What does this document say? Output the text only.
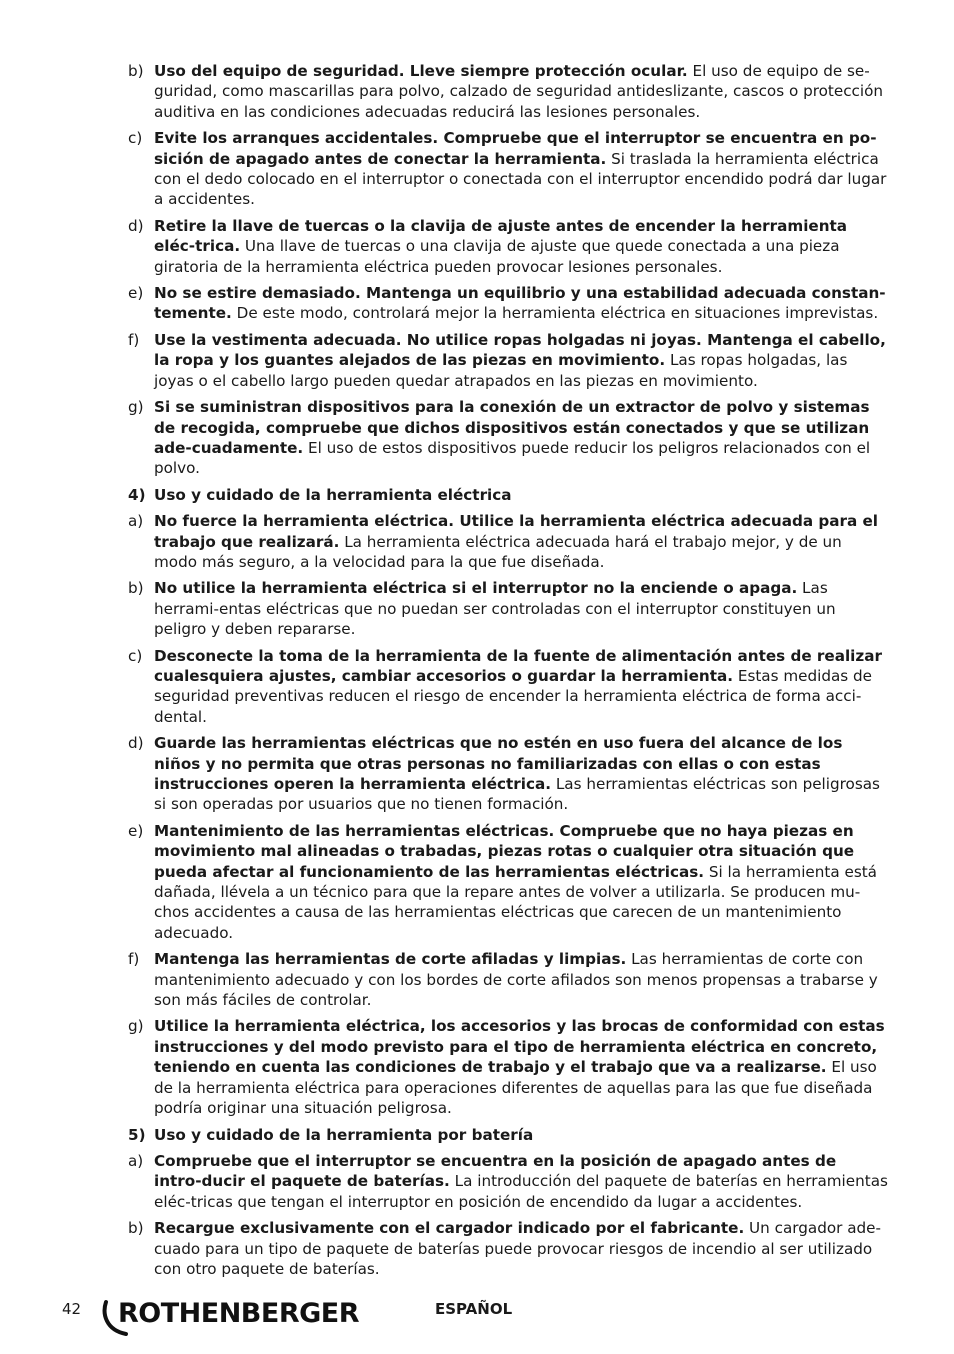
b) Uso del equipo de seguridad. Lleve siempre protección ocular. El uso de equipo de se-guridad, como mascarillas para polvo, calzado de seguridad antideslizante, cascos o protección auditiva en las condiciones adecuadas reducirá las lesiones personales.
c) Evite los arranques accidentales. Compruebe que el interruptor se encuentra en po-sición de apagado antes de conectar la herramienta. Si traslada la herramienta eléctrica con el dedo colocado en el interruptor o conectada con el interruptor encendido podrá dar lugar a accidentes.
d) Retire la llave de tuercas o la clavija de ajuste antes de encender la herramienta eléc-trica. Una llave de tuercas o una clavija de ajuste que quede conectada a una pieza giratoria de la herramienta eléctrica pueden provocar lesiones personales.
e) No se estire demasiado. Mantenga un equilibrio y una estabilidad adecuada constan-temente. De este modo, controlará mejor la herramienta eléctrica en situaciones imprevistas.
f) Use la vestimenta adecuada. No utilice ropas holgadas ni joyas. Mantenga el cabello, la ropa y los guantes alejados de las piezas en movimiento. Las ropas holgadas, las joyas o el cabello largo pueden quedar atrapados en las piezas en movimiento.
g) Si se suministran dispositivos para la conexión de un extractor de polvo y sistemas de recogida, compruebe que dichos dispositivos están conectados y que se utilizan ade-cuadamente. El uso de estos dispositivos puede reducir los peligros relacionados con el polvo.
4) Uso y cuidado de la herramienta eléctrica
a) No fuerce la herramienta eléctrica. Utilice la herramienta eléctrica adecuada para el trabajo que realizará. La herramienta eléctrica adecuada hará el trabajo mejor, y de un modo más seguro, a la velocidad para la que fue diseñada.
b) No utilice la herramienta eléctrica si el interruptor no la enciende o apaga. Las herrami-entas eléctricas que no puedan ser controladas con el interruptor constituyen un peligro y deben repararse.
c) Desconecte la toma de la herramienta de la fuente de alimentación antes de realizar cualesquiera ajustes, cambiar accesorios o guardar la herramienta. Estas medidas de seguridad preventivas reducen el riesgo de encender la herramienta eléctrica de forma acci-dental.
d) Guarde las herramientas eléctricas que no estén en uso fuera del alcance de los niños y no permita que otras personas no familiarizadas con ellas o con estas instrucciones operen la herramienta eléctrica. Las herramientas eléctricas son peligrosas si son operadas por usuarios que no tienen formación.
e) Mantenimiento de las herramientas eléctricas. Compruebe que no haya piezas en movimiento mal alineadas o trabadas, piezas rotas o cualquier otra situación que pueda afectar al funcionamiento de las herramientas eléctricas. Si la herramienta está dañada, llévela a un técnico para que la repare antes de volver a utilizarla. Se producen mu-chos accidentes a causa de las herramientas eléctricas que carecen de un mantenimiento adecuado.
f) Mantenga las herramientas de corte afiladas y limpias. Las herramientas de corte con mantenimiento adecuado y con los bordes de corte afilados son menos propensas a trabarse y son más fáciles de controlar.
g) Utilice la herramienta eléctrica, los accesorios y las brocas de conformidad con estas instrucciones y del modo previsto para el tipo de herramienta eléctrica en concreto, teniendo en cuenta las condiciones de trabajo y el trabajo que va a realizarse. El uso de la herramienta eléctrica para operaciones diferentes de aquellas para las que fue diseñada podría originar una situación peligrosa.
5) Uso y cuidado de la herramienta por batería
a) Compruebe que el interruptor se encuentra en la posición de apagado antes de intro-ducir el paquete de baterías. La introducción del paquete de baterías en herramientas eléc-tricas que tengan el interruptor en posición de encendido da lugar a accidentes.
b) Recargue exclusivamente con el cargador indicado por el fabricante. Un cargador ade-cuado para un tipo de paquete de baterías puede provocar riesgos de incendio al ser utilizado con otro paquete de baterías.
42 ROTHENBERGER	ESPAÑOL
